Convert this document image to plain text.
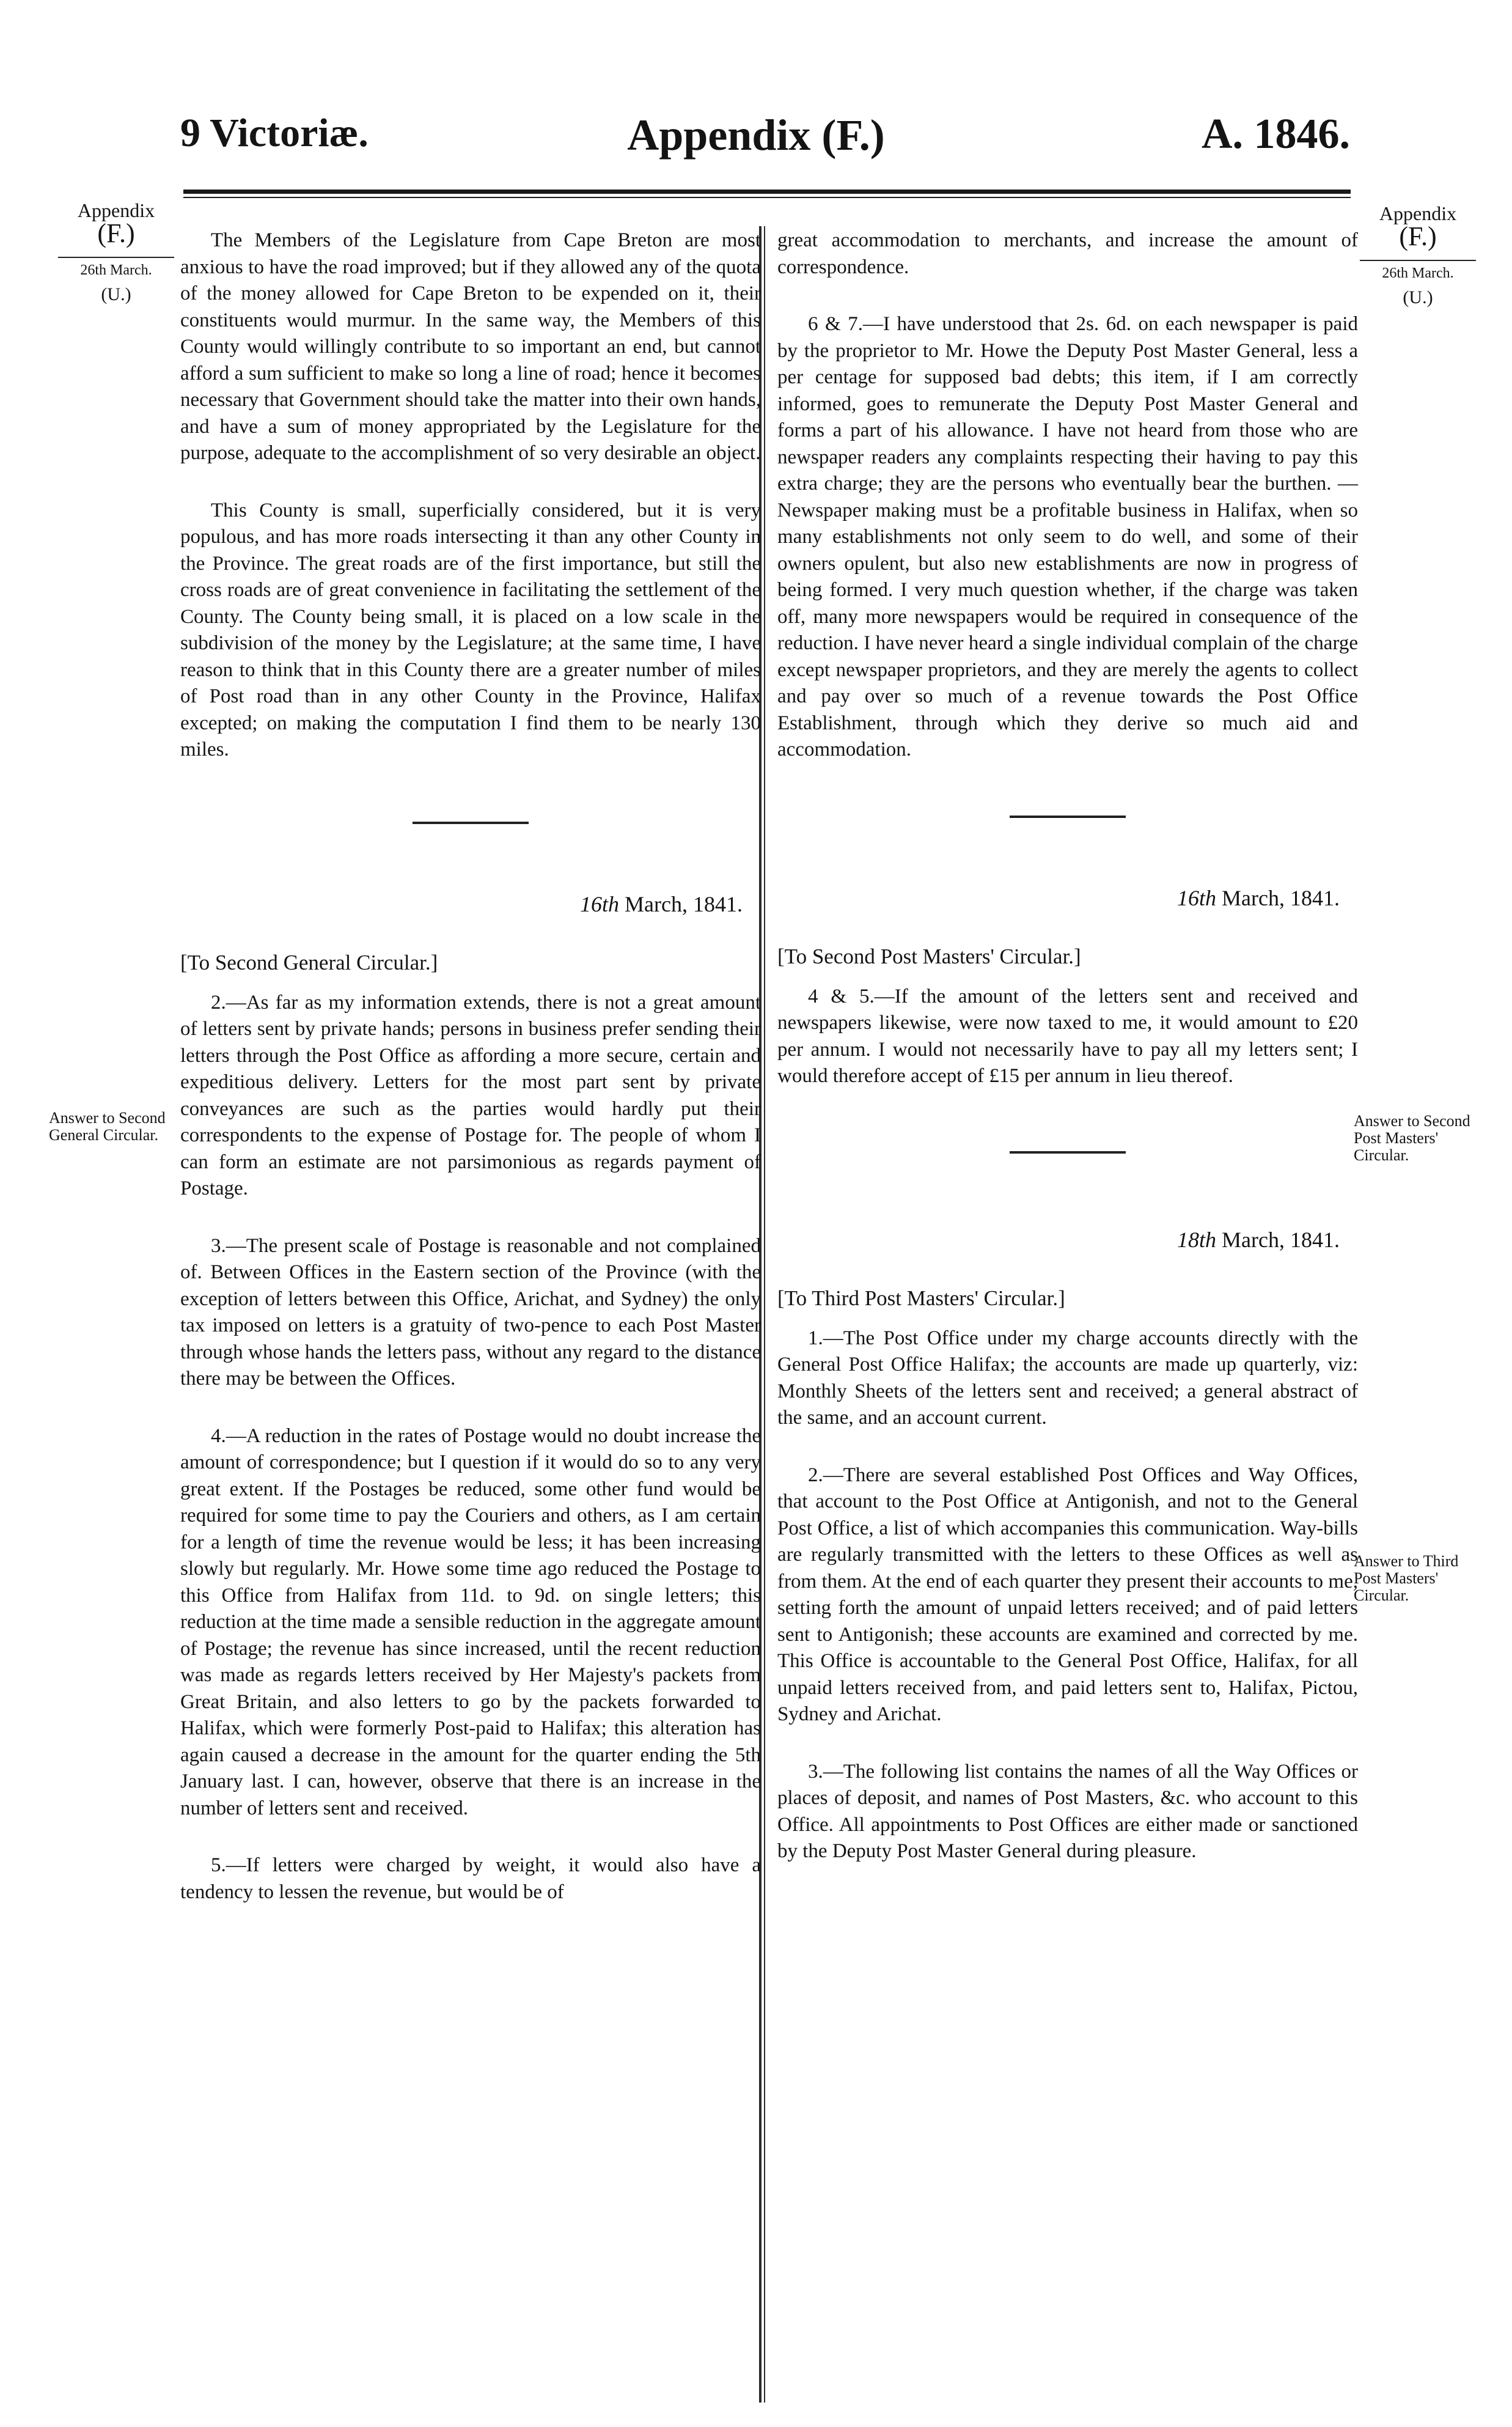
9 Victoriæ.	Appendix (F.)	A. 1846.
Appendix
(F.)
26th March.
(U.)
Answer to Second General Circular.
Appendix
(F.)
26th March.
(U.)
Answer to Second Post Masters' Circular.
Answer to Third Post Masters' Circular.

The Members of the Legislature from Cape Breton are most anxious to have the road improved; but if they allowed any of the quota of the money allowed for Cape Breton to be expended on it, their constituents would murmur. In the same way, the Members of this County would willingly contribute to so important an end, but cannot afford a sum sufficient to make so long a line of road; hence it becomes necessary that Government should take the matter into their own hands, and have a sum of money appropriated by the Legislature for the purpose, adequate to the accomplishment of so very desirable an object.

This County is small, superficially considered, but it is very populous, and has more roads intersecting it than any other County in the Province. The great roads are of the first importance, but still the cross roads are of great convenience in facilitating the settlement of the County. The County being small, it is placed on a low scale in the subdivision of the money by the Legislature; at the same time, I have reason to think that in this County there are a greater number of miles of Post road than in any other County in the Province, Halifax excepted; on making the computation I find them to be nearly 130 miles.

16th March, 1841.

[To Second General Circular.]

2.—As far as my information extends, there is not a great amount of letters sent by private hands; persons in business prefer sending their letters through the Post Office as affording a more secure, certain and expeditious delivery. Letters for the most part sent by private conveyances are such as the parties would hardly put their correspondents to the expense of Postage for. The people of whom I can form an estimate are not parsimonious as regards payment of Postage.

3.—The present scale of Postage is reasonable and not complained of. Between Offices in the Eastern section of the Province (with the exception of letters between this Office, Arichat, and Sydney) the only tax imposed on letters is a gratuity of two-pence to each Post Master through whose hands the letters pass, without any regard to the distance there may be between the Offices.

4.—A reduction in the rates of Postage would no doubt increase the amount of correspondence; but I question if it would do so to any very great extent. If the Postages be reduced, some other fund would be required for some time to pay the Couriers and others, as I am certain for a length of time the revenue would be less; it has been increasing slowly but regularly. Mr. Howe some time ago reduced the Postage to this Office from Halifax from 11d. to 9d. on single letters; this reduction at the time made a sensible reduction in the aggregate amount of Postage; the revenue has since increased, until the recent reduction was made as regards letters received by Her Majesty's packets from Great Britain, and also letters to go by the packets forwarded to Halifax, which were formerly Post-paid to Halifax; this alteration has again caused a decrease in the amount for the quarter ending the 5th January last. I can, however, observe that there is an increase in the number of letters sent and received.

5.—If letters were charged by weight, it would also have a tendency to lessen the revenue, but would be of

great accommodation to merchants, and increase the amount of correspondence.

6 & 7.—I have understood that 2s. 6d. on each newspaper is paid by the proprietor to Mr. Howe the Deputy Post Master General, less a per centage for supposed bad debts; this item, if I am correctly informed, goes to remunerate the Deputy Post Master General and forms a part of his allowance. I have not heard from those who are newspaper readers any complaints respecting their having to pay this extra charge; they are the persons who eventually bear the burthen. —Newspaper making must be a profitable business in Halifax, when so many establishments not only seem to do well, and some of their owners opulent, but also new establishments are now in progress of being formed. I very much question whether, if the charge was taken off, many more newspapers would be required in consequence of the reduction. I have never heard a single individual complain of the charge except newspaper proprietors, and they are merely the agents to collect and pay over so much of a revenue towards the Post Office Establishment, through which they derive so much aid and accommodation.

16th March, 1841.

[To Second Post Masters' Circular.]

4 & 5.—If the amount of the letters sent and received and newspapers likewise, were now taxed to me, it would amount to £20 per annum. I would not necessarily have to pay all my letters sent; I would therefore accept of £15 per annum in lieu thereof.

18th March, 1841.

[To Third Post Masters' Circular.]

1.—The Post Office under my charge accounts directly with the General Post Office Halifax; the accounts are made up quarterly, viz: Monthly Sheets of the letters sent and received; a general abstract of the same, and an account current.

2.—There are several established Post Offices and Way Offices, that account to the Post Office at Antigonish, and not to the General Post Office, a list of which accompanies this communication. Way-bills are regularly transmitted with the letters to these Offices as well as from them. At the end of each quarter they present their accounts to me, setting forth the amount of unpaid letters received; and of paid letters sent to Antigonish; these accounts are examined and corrected by me. This Office is accountable to the General Post Office, Halifax, for all unpaid letters received from, and paid letters sent to, Halifax, Pictou, Sydney and Arichat.

3.—The following list contains the names of all the Way Offices or places of deposit, and names of Post Masters, &c. who account to this Office. All appointments to Post Offices are either made or sanctioned by the Deputy Post Master General during pleasure.
